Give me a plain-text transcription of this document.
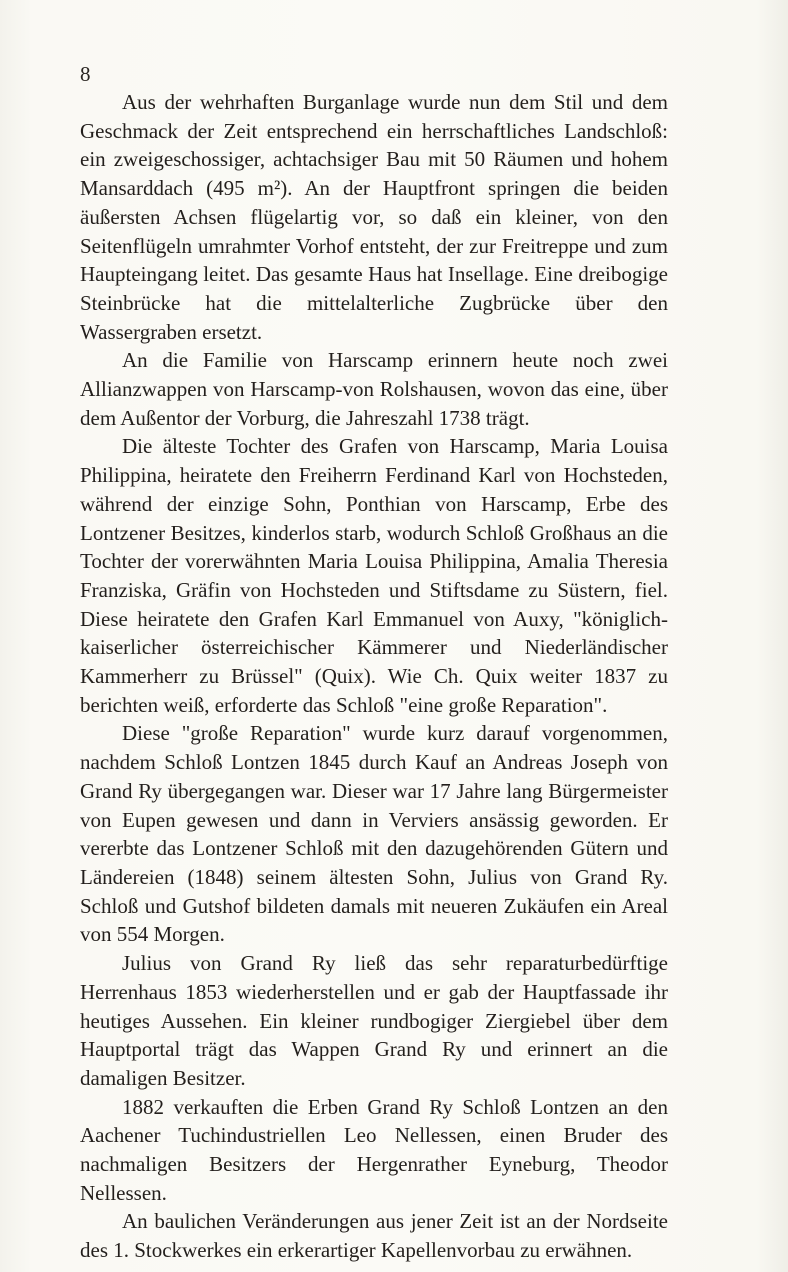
8

Aus der wehrhaften Burganlage wurde nun dem Stil und dem Geschmack der Zeit entsprechend ein herrschaftliches Landschloß: ein zweigeschossiger, achtachsiger Bau mit 50 Räumen und hohem Mansarddach (495 m²). An der Hauptfront springen die beiden äußersten Achsen flügelartig vor, so daß ein kleiner, von den Seitenflügeln umrahmter Vorhof entsteht, der zur Freitreppe und zum Haupteingang leitet. Das gesamte Haus hat Insellage. Eine dreibogige Steinbrücke hat die mittelalterliche Zugbrücke über den Wassergraben ersetzt.

An die Familie von Harscamp erinnern heute noch zwei Allianzwappen von Harscamp-von Rolshausen, wovon das eine, über dem Außentor der Vorburg, die Jahreszahl 1738 trägt.

Die älteste Tochter des Grafen von Harscamp, Maria Louisa Philippina, heiratete den Freiherrn Ferdinand Karl von Hochsteden, während der einzige Sohn, Ponthian von Harscamp, Erbe des Lontzener Besitzes, kinderlos starb, wodurch Schloß Großhaus an die Tochter der vorerwähnten Maria Louisa Philippina, Amalia Theresia Franziska, Gräfin von Hochsteden und Stiftsdame zu Süstern, fiel. Diese heiratete den Grafen Karl Emmanuel von Auxy, "königlich-kaiserlicher österreichischer Kämmerer und Niederländischer Kammerherr zu Brüssel" (Quix). Wie Ch. Quix weiter 1837 zu berichten weiß, erforderte das Schloß "eine große Reparation".

Diese "große Reparation" wurde kurz darauf vorgenommen, nachdem Schloß Lontzen 1845 durch Kauf an Andreas Joseph von Grand Ry übergegangen war. Dieser war 17 Jahre lang Bürgermeister von Eupen gewesen und dann in Verviers ansässig geworden. Er vererbte das Lontzener Schloß mit den dazugehörenden Gütern und Ländereien (1848) seinem ältesten Sohn, Julius von Grand Ry. Schloß und Gutshof bildeten damals mit neueren Zukäufen ein Areal von 554 Morgen.

Julius von Grand Ry ließ das sehr reparaturbedürftige Herrenhaus 1853 wiederherstellen und er gab der Hauptfassade ihr heutiges Aussehen. Ein kleiner rundbogiger Ziergiebel über dem Hauptportal trägt das Wappen Grand Ry und erinnert an die damaligen Besitzer.

1882 verkauften die Erben Grand Ry Schloß Lontzen an den Aachener Tuchindustriellen Leo Nellessen, einen Bruder des nachmaligen Besitzers der Hergenrather Eyneburg, Theodor Nellessen.

An baulichen Veränderungen aus jener Zeit ist an der Nordseite des 1. Stockwerkes ein erkerartiger Kapellenvorbau zu erwähnen.
